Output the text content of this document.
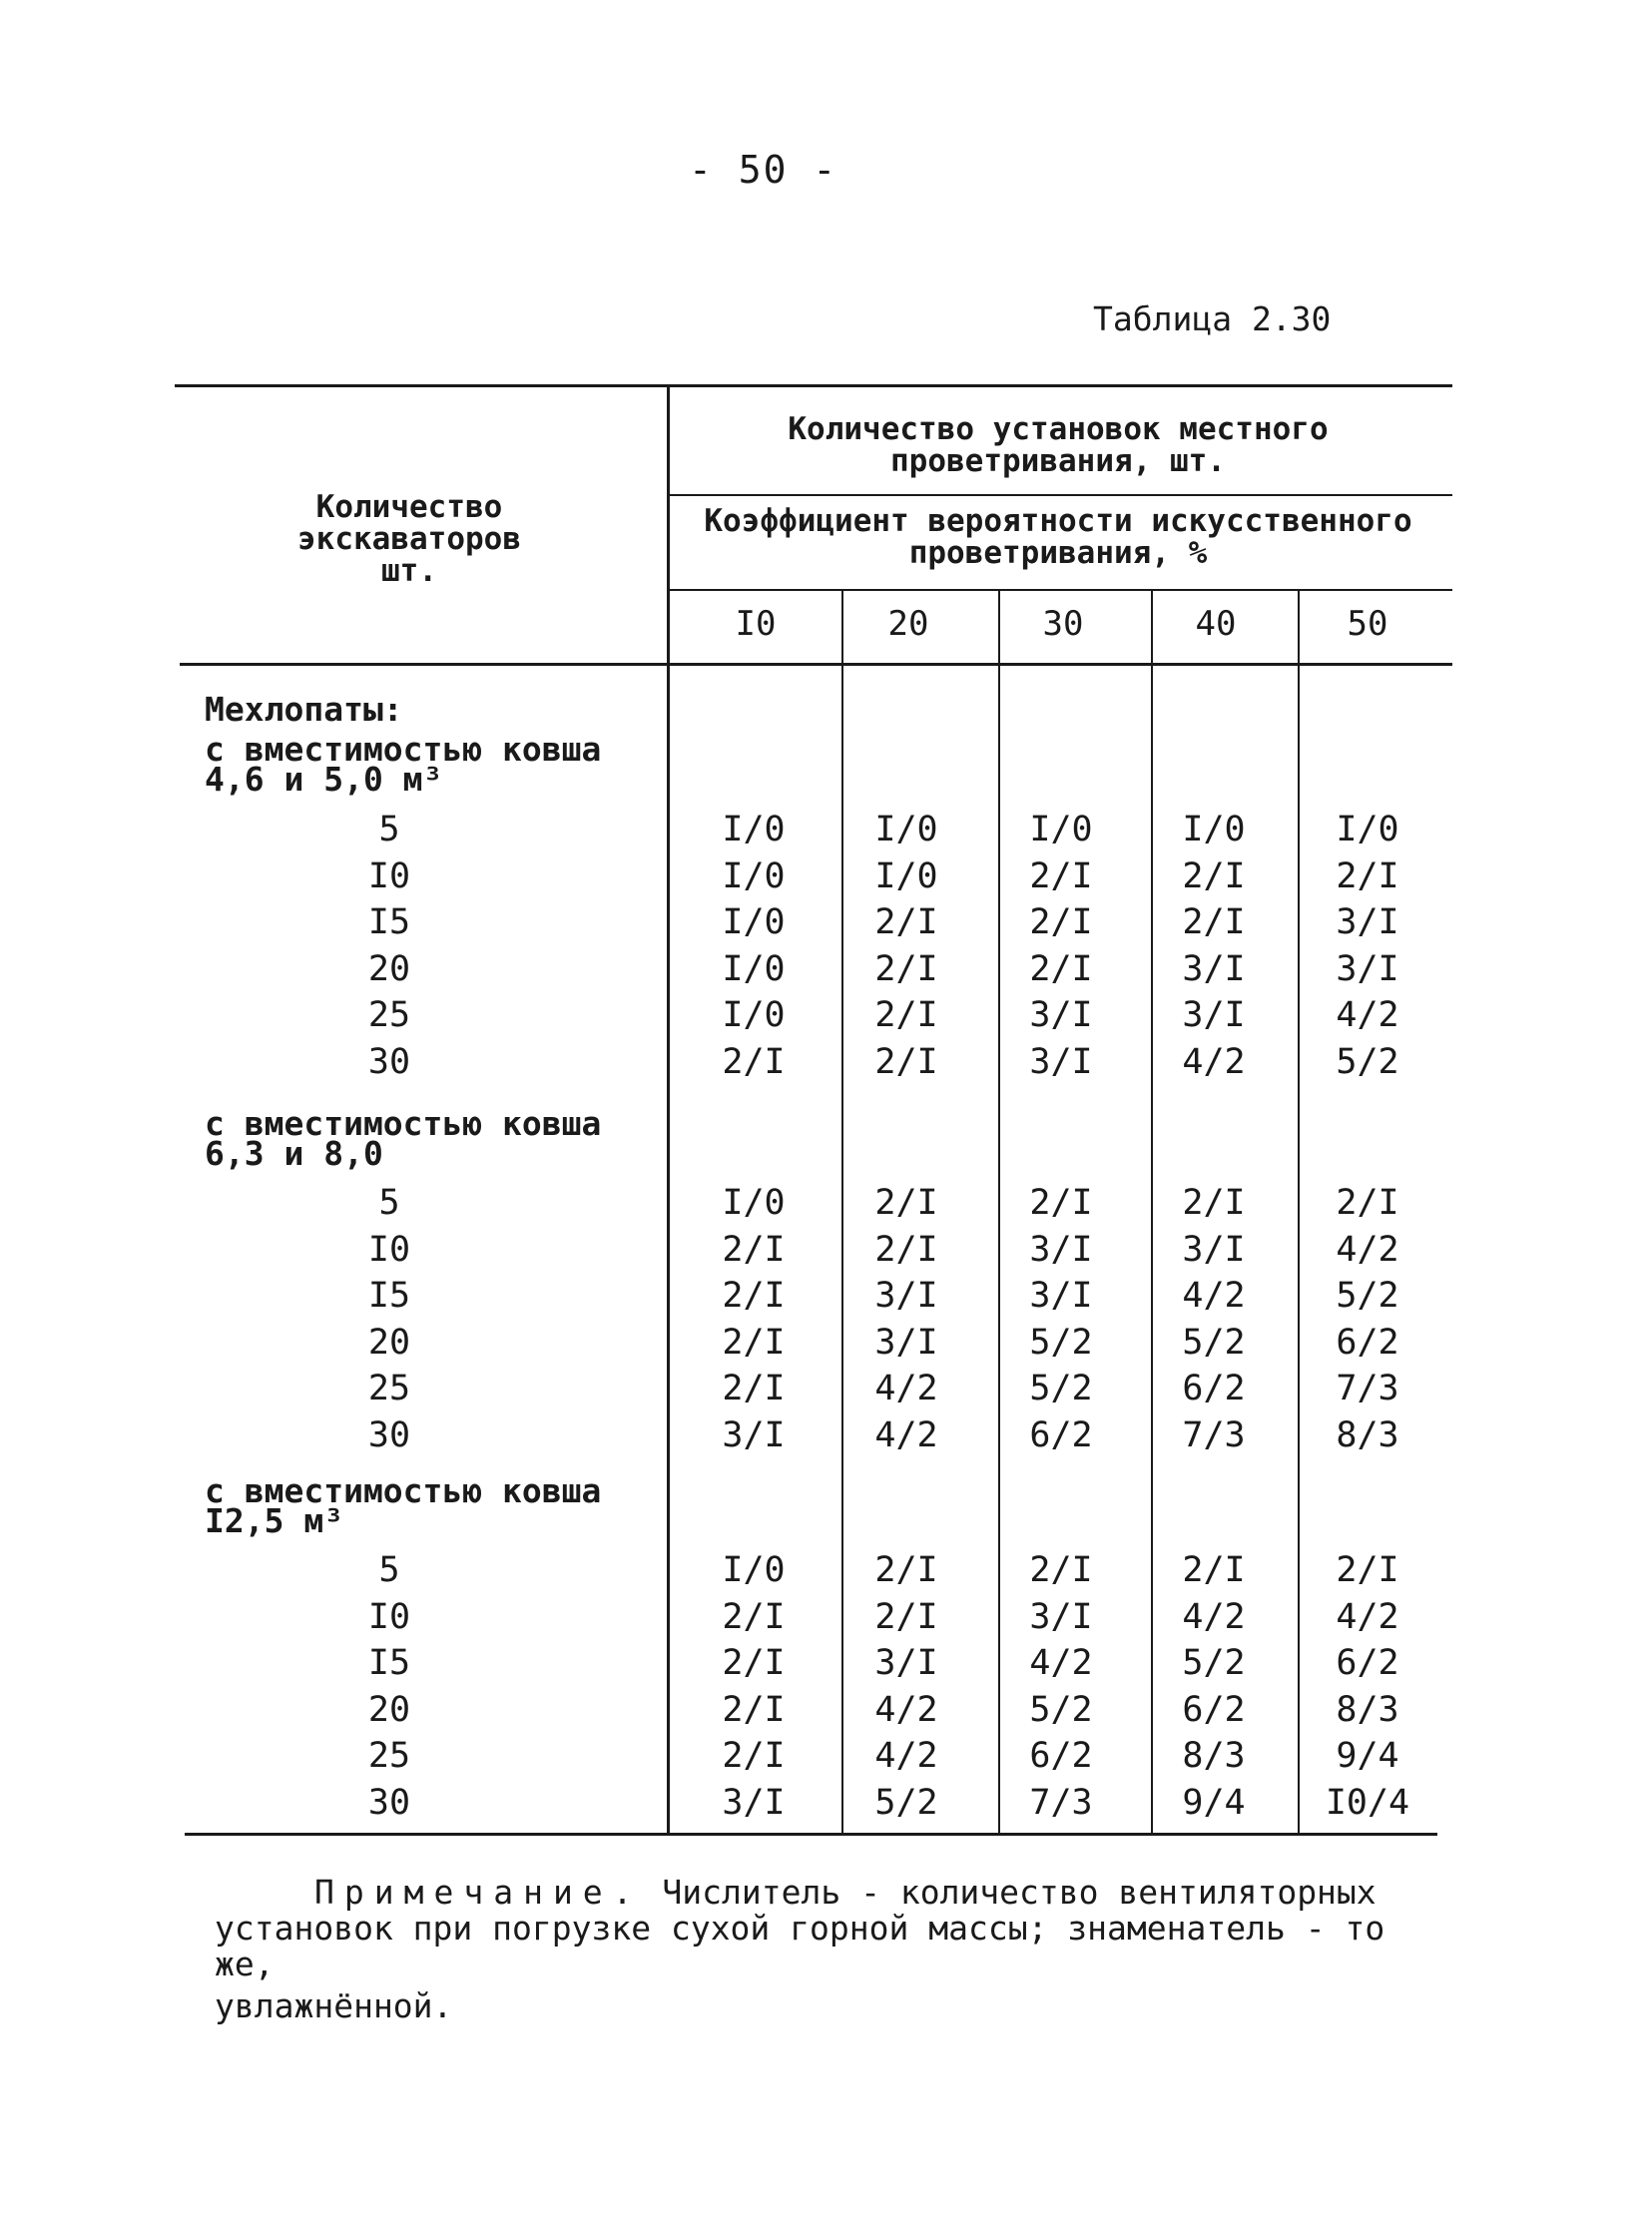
- 50 -
Таблица 2.30
Количество
экскаваторов
шт.
Количество установок местного
проветривания, шт.
Коэффициент вероятности искусственного
проветривания, %
I0	20	30	40	50
Мехлопаты:
с вместимостью ковша
4,6 и 5,0 м³
5	I/0	I/0	I/0	I/0	I/0
I0	I/0	I/0	2/I	2/I	2/I
I5	I/0	2/I	2/I	2/I	3/I
20	I/0	2/I	2/I	3/I	3/I
25	I/0	2/I	3/I	3/I	4/2
30	2/I	2/I	3/I	4/2	5/2
с вместимостью ковша
6,3 и 8,0
5	I/0	2/I	2/I	2/I	2/I
I0	2/I	2/I	3/I	3/I	4/2
I5	2/I	3/I	3/I	4/2	5/2
20	2/I	3/I	5/2	5/2	6/2
25	2/I	4/2	5/2	6/2	7/3
30	3/I	4/2	6/2	7/3	8/3
с вместимостью ковша
I2,5 м³
5	I/0	2/I	2/I	2/I	2/I
I0	2/I	2/I	3/I	4/2	4/2
I5	2/I	3/I	4/2	5/2	6/2
20	2/I	4/2	5/2	6/2	8/3
25	2/I	4/2	6/2	8/3	9/4
30	3/I	5/2	7/3	9/4	I0/4
Примечание. Числитель - количество вентиляторных
установок при погрузке сухой горной массы; знаменатель - то же,
увлажнённой.
